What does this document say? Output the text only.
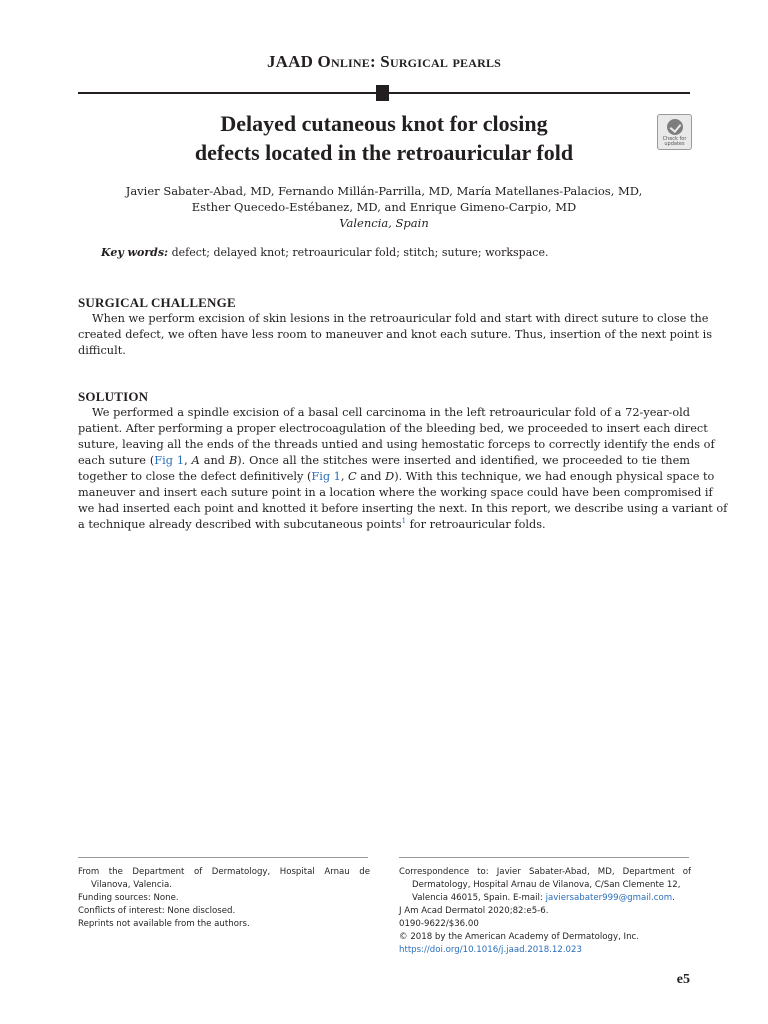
JAAD Online: Surgical pearls
Delayed cutaneous knot for closing
defects located in the retroauricular fold
Check for updates
Javier Sabater-Abad, MD, Fernando Millán-Parrilla, MD, María Matellanes-Palacios, MD,
Esther Quecedo-Estébanez, MD, and Enrique Gimeno-Carpio, MD
Valencia, Spain
Key words: defect; delayed knot; retroauricular fold; stitch; suture; workspace.
SURGICAL CHALLENGE

When we perform excision of skin lesions in the retroauricular fold and start with direct suture to close the
created defect, we often have less room to maneuver and knot each suture. Thus, insertion of the next point is
difficult.

SOLUTION

We performed a spindle excision of a basal cell carcinoma in the left retroauricular fold of a 72-year-old
patient. After performing a proper electrocoagulation of the bleeding bed, we proceeded to insert each direct
suture, leaving all the ends of the threads untied and using hemostatic forceps to correctly identify the ends of
each suture (Fig 1, A and B). Once all the stitches were inserted and identified, we proceeded to tie them
together to close the defect definitively (Fig 1, C and D). With this technique, we had enough physical space to
maneuver and insert each suture point in a location where the working space could have been compromised if
we had inserted each point and knotted it before inserting the next. In this report, we describe using a variant of
a technique already described with subcutaneous points$^1$ for retroauricular folds.

From the Department of Dermatology, Hospital Arnau de
Vilanova, Valencia.
Funding sources: None.
Conflicts of interest: None disclosed.
Reprints not available from the authors.
Correspondence to: Javier Sabater-Abad, MD, Department of
Dermatology, Hospital Arnau de Vilanova, C/San Clemente 12,
Valencia 46015, Spain. E-mail: javiersabater999@gmail.com.
J Am Acad Dermatol 2020;82:e5-6.
0190-9622/$36.00
© 2018 by the American Academy of Dermatology, Inc.
https://doi.org/10.1016/j.jaad.2018.12.023
e5
